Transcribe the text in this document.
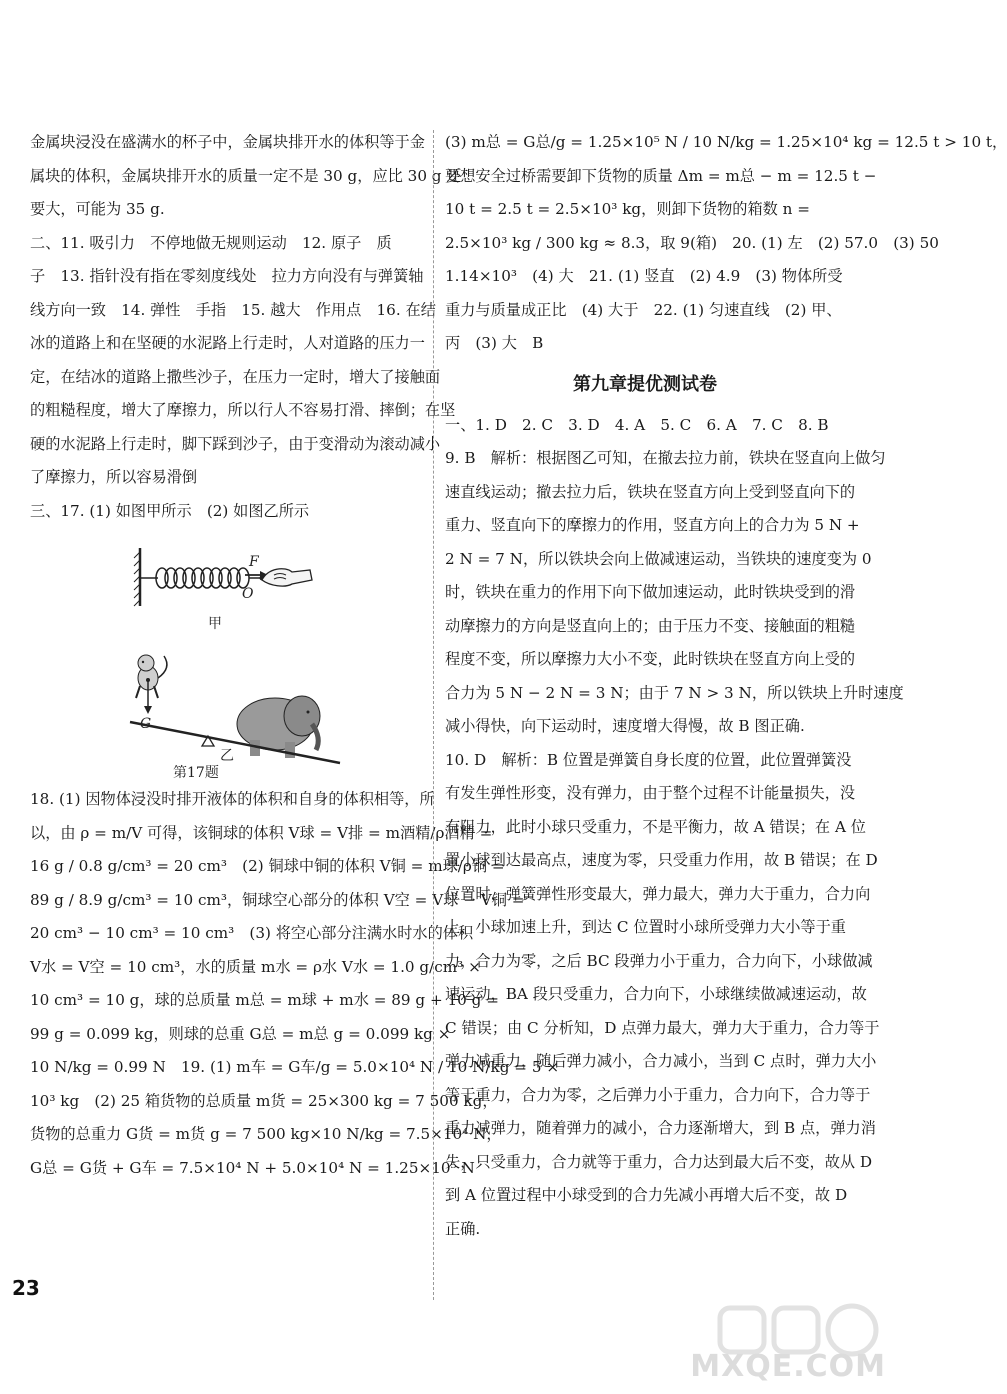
金属块浸没在盛满水的杯子中，金属块排开水的体积等于金
属块的体积，金属块排开水的质量一定不是 30 g，应比 30 g 还
要大，可能为 35 g.
二、11. 吸引力　不停地做无规则运动　12. 原子　质
子　13. 指针没有指在零刻度线处　拉力方向没有与弹簧轴
线方向一致　14. 弹性　手指　15. 越大　作用点　16. 在结
冰的道路上和在坚硬的水泥路上行走时，人对道路的压力一
定，在结冰的道路上撒些沙子，在压力一定时，增大了接触面
的粗糙程度，增大了摩擦力，所以行人不容易打滑、摔倒；在坚
硬的水泥路上行走时，脚下踩到沙子，由于变滑动为滚动减小
了摩擦力，所以容易滑倒
三、17. (1) 如图甲所示　(2) 如图乙所示
F
O
甲
G
乙
第17题
18. (1) 因物体浸没时排开液体的体积和自身的体积相等，所
以，由 ρ = m/V 可得，该铜球的体积 V球 = V排 = m酒精/ρ酒精 =
16 g / 0.8 g/cm³ = 20 cm³　(2) 铜球中铜的体积 V铜 = m球/ρ铜 =
89 g / 8.9 g/cm³ = 10 cm³，铜球空心部分的体积 V空 = V球 − V铜 =
20 cm³ − 10 cm³ = 10 cm³　(3) 将空心部分注满水时水的体积
V水 = V空 = 10 cm³，水的质量 m水 = ρ水 V水 = 1.0 g/cm³ ×
10 cm³ = 10 g，球的总质量 m总 = m球 + m水 = 89 g + 10 g =
99 g = 0.099 kg，则球的总重 G总 = m总 g = 0.099 kg ×
10 N/kg = 0.99 N　19. (1) m车 = G车/g = 5.0×10⁴ N / 10 N/kg = 5 ×
10³ kg　(2) 25 箱货物的总质量 m货 = 25×300 kg = 7 500 kg，
货物的总重力 G货 = m货 g = 7 500 kg×10 N/kg = 7.5×10⁴ N，
G总 = G货 + G车 = 7.5×10⁴ N + 5.0×10⁴ N = 1.25×10⁵ N
(3) m总 = G总/g = 1.25×10⁵ N / 10 N/kg = 1.25×10⁴ kg = 12.5 t > 10 t，
要想安全过桥需要卸下货物的质量 Δm = m总 − m = 12.5 t −
10 t = 2.5 t = 2.5×10³ kg，则卸下货物的箱数 n =
2.5×10³ kg / 300 kg ≈ 8.3，取 9(箱)　20. (1) 左　(2) 57.0　(3) 50
1.14×10³　(4) 大　21. (1) 竖直　(2) 4.9　(3) 物体所受
重力与质量成正比　(4) 大于　22. (1) 匀速直线　(2) 甲、
丙　(3) 大　B
第九章提优测试卷
一、1. D　2. C　3. D　4. A　5. C　6. A　7. C　8. B
9. B　解析：根据图乙可知，在撤去拉力前，铁块在竖直向上做匀
速直线运动；撤去拉力后，铁块在竖直方向上受到竖直向下的
重力、竖直向下的摩擦力的作用，竖直方向上的合力为 5 N +
2 N = 7 N，所以铁块会向上做减速运动，当铁块的速度变为 0
时，铁块在重力的作用下向下做加速运动，此时铁块受到的滑
动摩擦力的方向是竖直向上的；由于压力不变、接触面的粗糙
程度不变，所以摩擦力大小不变，此时铁块在竖直方向上受的
合力为 5 N − 2 N = 3 N；由于 7 N > 3 N，所以铁块上升时速度
减小得快，向下运动时，速度增大得慢，故 B 图正确.
10. D　解析：B 位置是弹簧自身长度的位置，此位置弹簧没
有发生弹性形变，没有弹力，由于整个过程不计能量损失，没
有阻力，此时小球只受重力，不是平衡力，故 A 错误；在 A 位
置小球到达最高点，速度为零，只受重力作用，故 B 错误；在 D
位置时，弹簧弹性形变最大，弹力最大，弹力大于重力，合力向
上，小球加速上升，到达 C 位置时小球所受弹力大小等于重
力，合力为零，之后 BC 段弹力小于重力，合力向下，小球做减
速运动，BA 段只受重力，合力向下，小球继续做减速运动，故
C 错误；由 C 分析知，D 点弹力最大，弹力大于重力，合力等于
弹力减重力，随后弹力减小，合力减小，当到 C 点时，弹力大小
等于重力，合力为零，之后弹力小于重力，合力向下，合力等于
重力减弹力，随着弹力的减小，合力逐渐增大，到 B 点，弹力消
失，只受重力，合力就等于重力，合力达到最大后不变，故从 D
到 A 位置过程中小球受到的合力先减小再增大后不变，故 D
正确.
23
MXQE.COM
